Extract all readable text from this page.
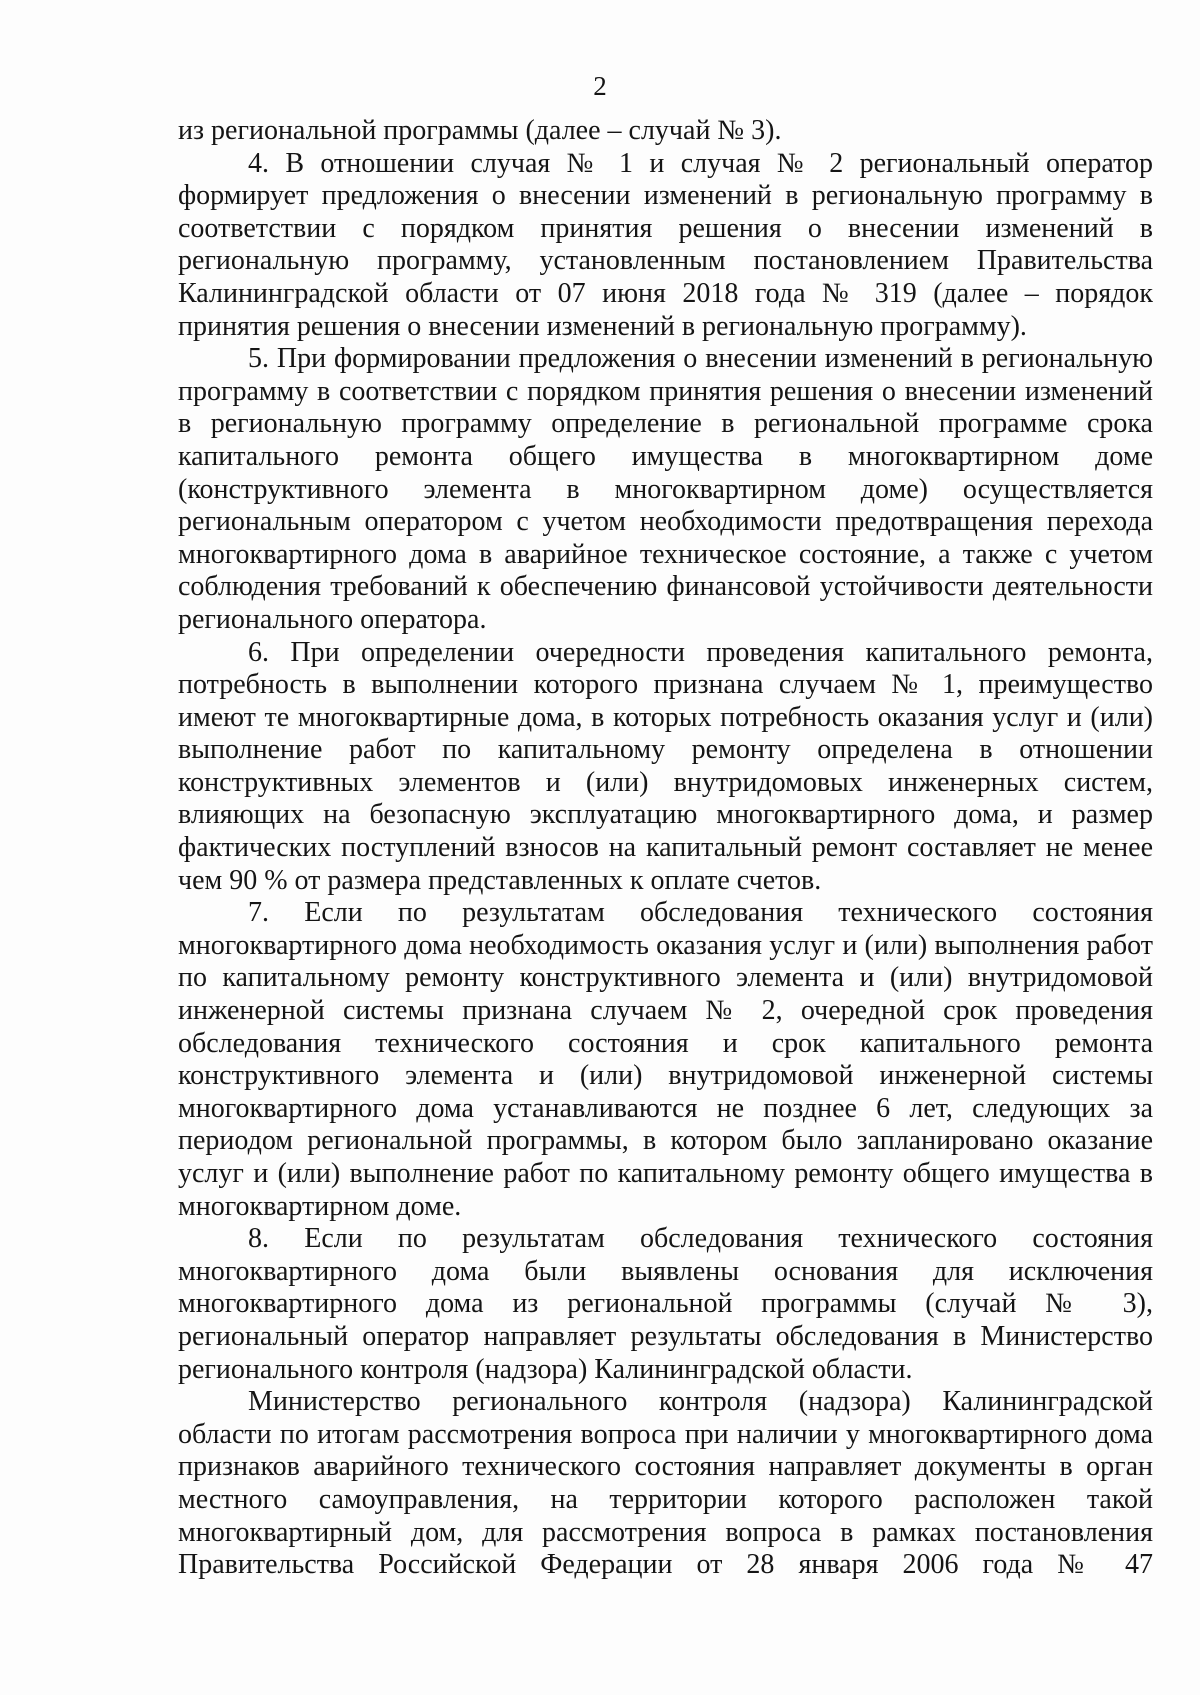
2

из региональной программы (далее – случай № 3).

4. В отношении случая № 1 и случая № 2 региональный оператор формирует предложения о внесении изменений в региональную программу в соответствии с порядком принятия решения о внесении изменений в региональную программу, установленным постановлением Правительства Калининградской области от 07 июня 2018 года № 319 (далее – порядок принятия решения о внесении изменений в региональную программу).

5. При формировании предложения о внесении изменений в региональную программу в соответствии с порядком принятия решения о внесении изменений в региональную программу определение в региональной программе срока капитального ремонта общего имущества в многоквартирном доме (конструктивного элемента в многоквартирном доме) осуществляется региональным оператором с учетом необходимости предотвращения перехода многоквартирного дома в аварийное техническое состояние, а также с учетом соблюдения требований к обеспечению финансовой устойчивости деятельности регионального оператора.

6. При определении очередности проведения капитального ремонта, потребность в выполнении которого признана случаем № 1, преимущество имеют те многоквартирные дома, в которых потребность оказания услуг и (или) выполнение работ по капитальному ремонту определена в отношении конструктивных элементов и (или) внутридомовых инженерных систем, влияющих на безопасную эксплуатацию многоквартирного дома, и размер фактических поступлений взносов на капитальный ремонт составляет не менее чем 90 % от размера представленных к оплате счетов.

7. Если по результатам обследования технического состояния многоквартирного дома необходимость оказания услуг и (или) выполнения работ по капитальному ремонту конструктивного элемента и (или) внутридомовой инженерной системы признана случаем № 2, очередной срок проведения обследования технического состояния и срок капитального ремонта конструктивного элемента и (или) внутридомовой инженерной системы многоквартирного дома устанавливаются не позднее 6 лет, следующих за периодом региональной программы, в котором было запланировано оказание услуг и (или) выполнение работ по капитальному ремонту общего имущества в многоквартирном доме.

8. Если по результатам обследования технического состояния многоквартирного дома были выявлены основания для исключения многоквартирного дома из региональной программы (случай № 3), региональный оператор направляет результаты обследования в Министерство регионального контроля (надзора) Калининградской области.

Министерство регионального контроля (надзора) Калининградской области по итогам рассмотрения вопроса при наличии у многоквартирного дома признаков аварийного технического состояния направляет документы в орган местного самоуправления, на территории которого расположен такой многоквартирный дом, для рассмотрения вопроса в рамках постановления Правительства Российской Федерации от 28 января 2006 года № 47
